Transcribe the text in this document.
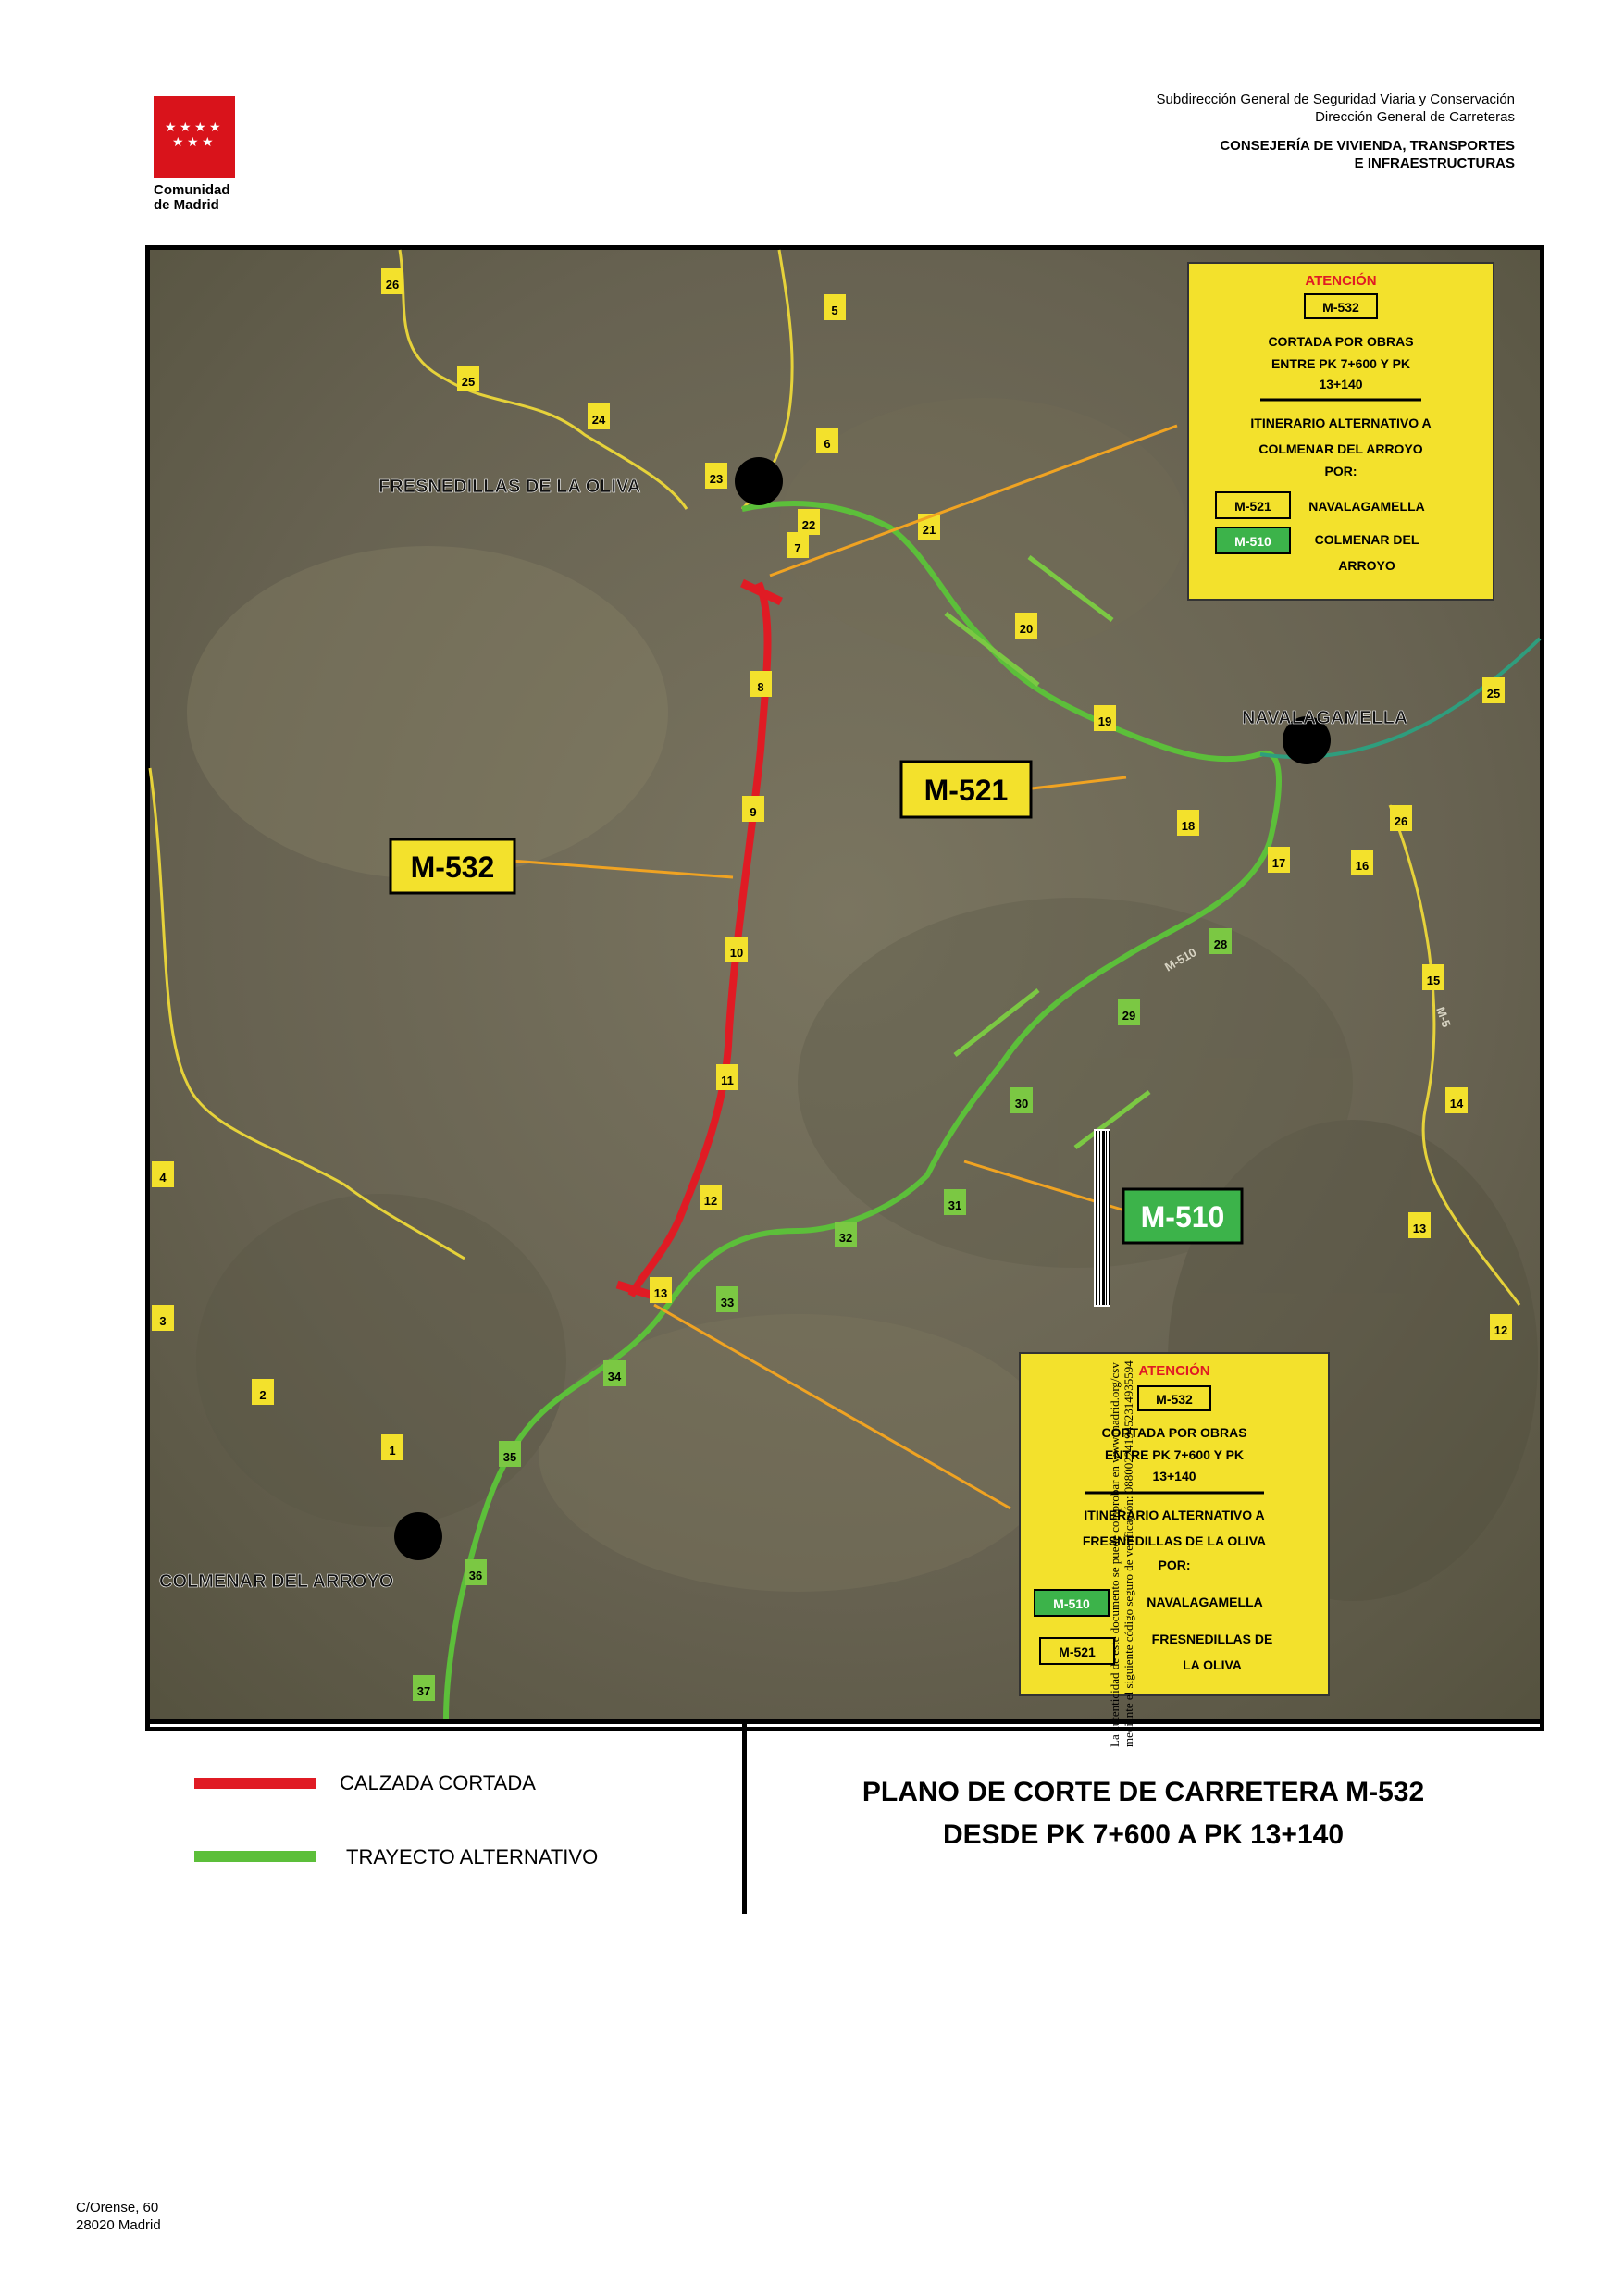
★ ★ ★ ★
★ ★ ★
Comunidad
de Madrid
Subdirección General de Seguridad Viaria y Conservación
Dirección General de Carreteras
CONSEJERÍA DE VIVIENDA, TRANSPORTES
E INFRAESTRUCTURAS
FRESNEDILLAS DE LA OLIVA
NAVALAGAMELLA
COLMENAR DEL ARROYO
26
25
24
23
5
6
22
7
21
20
19
18
17	16
25
26
8
9
10
11
12
13
28
29
30
31
32
33
34
35
36
37
4
3
2
1
15
14
13
12
M-532
M-521
M-510
M-510
M-5
ATENCIÓN
M-532
CORTADA POR OBRAS
ENTRE PK 7+600 Y PK
13+140
ITINERARIO ALTERNATIVO A
COLMENAR DEL ARROYO
POR:
M-521	NAVALAGAMELLA
M-510	COLMENAR DEL
ARROYO
ATENCIÓN
M-532
CORTADA POR OBRAS
ENTRE PK 7+600 Y PK
13+140
ITINERARIO ALTERNATIVO A
FRESNEDILLAS DE LA OLIVA
POR:
M-510	NAVALAGAMELLA
M-521
FRESNEDILLAS DE
LA OLIVA
CALZADA CORTADA
TRAYECTO ALTERNATIVO
PLANO DE CORTE DE CARRETERA M-532
DESDE PK 7+600 A PK 13+140
La autenticidad de este documento se puede comprobar en www.madrid.org/csv mediante el siguiente código seguro de verificación: 0880022419452314935594
C/Orense, 60
28020 Madrid
